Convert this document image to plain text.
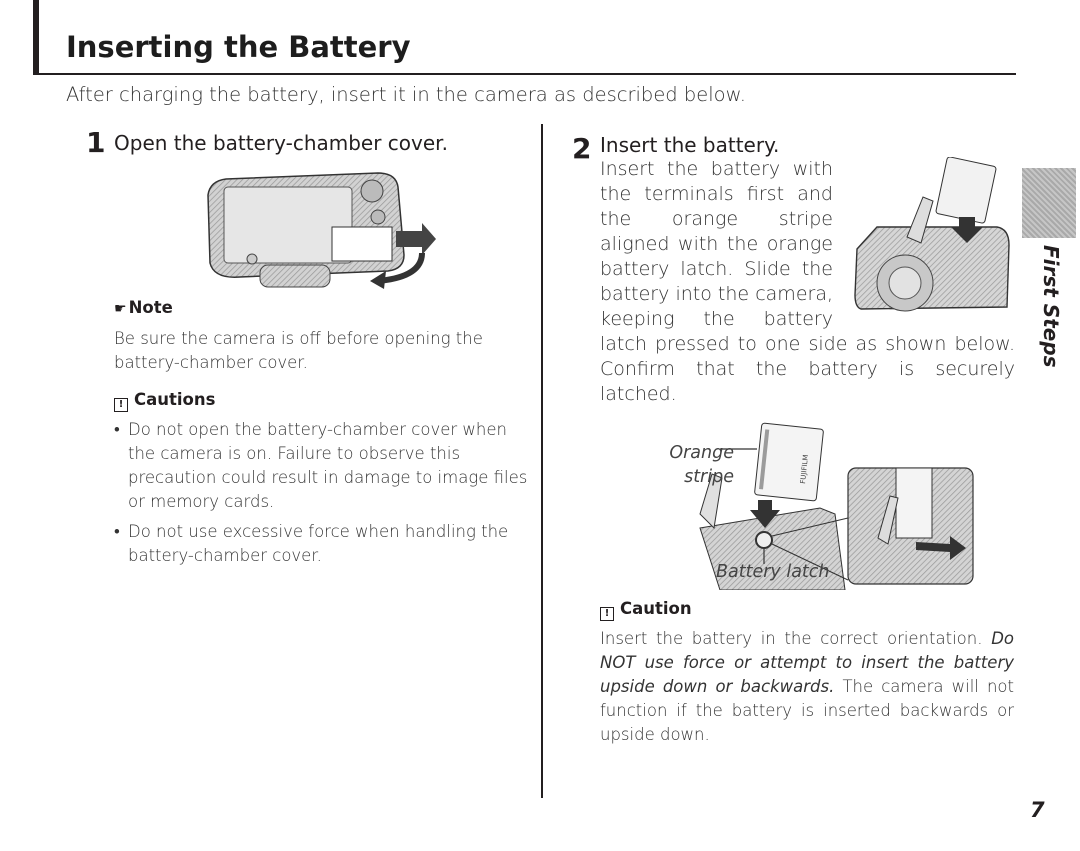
Inserting the Battery
After charging the battery, insert it in the camera as described below.
1 Open the battery-chamber cover.
☛ Note
Be sure the camera is off before opening the battery-chamber cover.
! Cautions
• Do not open the battery-chamber cover when the camera is on. Failure to observe this precaution could result in damage to image files or memory cards.
• Do not use excessive force when handling the battery-chamber cover.
2 Insert the battery.
Insert the battery with the terminals first and the orange stripe aligned with the orange battery latch. Slide the battery into the camera, keeping the battery latch pressed to one side as shown below. Confirm that the battery is securely latched.
FUJIFILM
Orange stripe
Battery latch
! Caution
Insert the battery in the correct orientation. Do NOT use force or attempt to insert the battery upside down or backwards. The camera will not function if the battery is inserted backwards or upside down.
First Steps
7
